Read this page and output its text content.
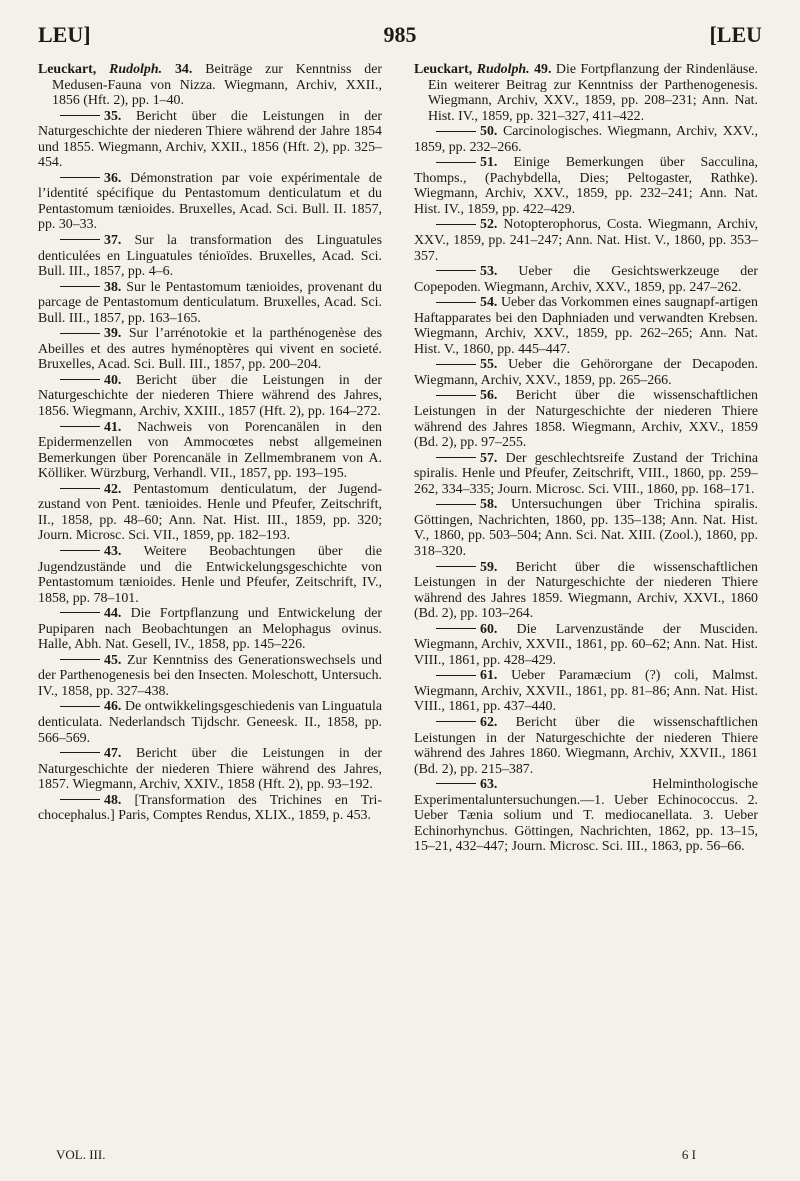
LEU]	985	[LEU

Leuckart, Rudolph. 34. Beiträge zur Kenntniss der Medusen-Fauna von Nizza. Wiegmann, Archiv, XXII., 1856 (Hft. 2), pp. 1–40.

35. Bericht über die Leistungen in der Naturgeschichte der niederen Thiere während der Jahre 1854 und 1855. Wiegmann, Archiv, XXII., 1856 (Hft. 2), pp. 325–454.

36. Démonstration par voie expérimentale de l’identité spécifique du Pentastomum denticulatum et du Pentastomum tænioides. Bruxelles, Acad. Sci. Bull. II. 1857, pp. 30–33.

37. Sur la transformation des Linguatules denticulées en Linguatules ténioïdes. Bruxelles, Acad. Sci. Bull. III., 1857, pp. 4–6.

38. Sur le Pentastomum tænioides, provenant du parcage de Pentastomum denticulatum. Bruxelles, Acad. Sci. Bull. III., 1857, pp. 163–165.

39. Sur l’arrénotokie et la parthénogenèse des Abeilles et des autres hyménoptères qui vivent en societé. Bruxelles, Acad. Sci. Bull. III., 1857, pp. 200–204.

40. Bericht über die Leistungen in der Naturgeschichte der niederen Thiere während des Jahres, 1856. Wiegmann, Archiv, XXIII., 1857 (Hft. 2), pp. 164–272.

41. Nachweis von Porencanälen in den Epidermenzellen von Ammocœtes nebst allgemeinen Bemerkungen über Porencanäle in Zellmembranem von A. Kölliker. Würzburg, Verhandl. VII., 1857, pp. 193–195.

42. Pentastomum denticulatum, der Jugend-zustand von Pent. tænioides. Henle und Pfeufer, Zeitschrift, II., 1858, pp. 48–60; Ann. Nat. Hist. III., 1859, pp. 320; Journ. Microsc. Sci. VII., 1859, pp. 182–193.

43. Weitere Beobachtungen über die Jugendzustände und die Entwickelungsgeschichte von Pentastomum tænioides. Henle und Pfeufer, Zeitschrift, IV., 1858, pp. 78–101.

44. Die Fortpflanzung und Entwickelung der Pupiparen nach Beobachtungen an Melophagus ovinus. Halle, Abh. Nat. Gesell, IV., 1858, pp. 145–226.

45. Zur Kenntniss des Generationswechsels und der Parthenogenesis bei den Insecten. Moleschott, Untersuch. IV., 1858, pp. 327–438.

46. De ontwikkelingsgeschiedenis van Linguatula denticulata. Nederlandsch Tijdschr. Geneesk. II., 1858, pp. 566–569.

47. Bericht über die Leistungen in der Naturgeschichte der niederen Thiere während des Jahres, 1857. Wiegmann, Archiv, XXIV., 1858 (Hft. 2), pp. 93–192.

48. [Transformation des Trichines en Tri-chocephalus.] Paris, Comptes Rendus, XLIX., 1859, p. 453.

Leuckart, Rudolph. 49. Die Fortpflanzung der Rindenläuse. Ein weiterer Beitrag zur Kenntniss der Parthenogenesis. Wiegmann, Archiv, XXV., 1859, pp. 208–231; Ann. Nat. Hist. IV., 1859, pp. 321–327, 411–422.

50. Carcinologisches. Wiegmann, Archiv, XXV., 1859, pp. 232–266.

51. Einige Bemerkungen über Sacculina, Thomps., (Pachybdella, Dies; Peltogaster, Rathke). Wiegmann, Archiv, XXV., 1859, pp. 232–241; Ann. Nat. Hist. IV., 1859, pp. 422–429.

52. Notopterophorus, Costa. Wiegmann, Archiv, XXV., 1859, pp. 241–247; Ann. Nat. Hist. V., 1860, pp. 353–357.

53. Ueber die Gesichtswerkzeuge der Copepoden. Wiegmann, Archiv, XXV., 1859, pp. 247–262.

54. Ueber das Vorkommen eines saugnapf-artigen Haftapparates bei den Daphniaden und verwandten Krebsen. Wiegmann, Archiv, XXV., 1859, pp. 262–265; Ann. Nat. Hist. V., 1860, pp. 445–447.

55. Ueber die Gehörorgane der Decapoden. Wiegmann, Archiv, XXV., 1859, pp. 265–266.

56. Bericht über die wissenschaftlichen Leistungen in der Naturgeschichte der niederen Thiere während des Jahres 1858. Wiegmann, Archiv, XXV., 1859 (Bd. 2), pp. 97–255.

57. Der geschlechtsreife Zustand der Trichina spiralis. Henle und Pfeufer, Zeitschrift, VIII., 1860, pp. 259–262, 334–335; Journ. Microsc. Sci. VIII., 1860, pp. 168–171.

58. Untersuchungen über Trichina spiralis. Göttingen, Nachrichten, 1860, pp. 135–138; Ann. Nat. Hist. V., 1860, pp. 503–504; Ann. Sci. Nat. XIII. (Zool.), 1860, pp. 318–320.

59. Bericht über die wissenschaftlichen Leistungen in der Naturgeschichte der niederen Thiere während des Jahres 1859. Wiegmann, Archiv, XXVI., 1860 (Bd. 2), pp. 103–264.

60. Die Larvenzustände der Musciden. Wiegmann, Archiv, XXVII., 1861, pp. 60–62; Ann. Nat. Hist. VIII., 1861, pp. 428–429.

61. Ueber Paramæcium (?) coli, Malmst. Wiegmann, Archiv, XXVII., 1861, pp. 81–86; Ann. Nat. Hist. VIII., 1861, pp. 437–440.

62. Bericht über die wissenschaftlichen Leistungen in der Naturgeschichte der niederen Thiere während des Jahres 1860. Wiegmann, Archiv, XXVII., 1861 (Bd. 2), pp. 215–387.

63. Helminthologische Experimentaluntersuchungen.—1. Ueber Echinococcus. 2. Ueber Tænia solium und T. mediocanellata. 3. Ueber Echinorhynchus. Göttingen, Nachrichten, 1862, pp. 13–15, 15–21, 432–447; Journ. Microsc. Sci. III., 1863, pp. 56–66.

VOL. III.	6 I
